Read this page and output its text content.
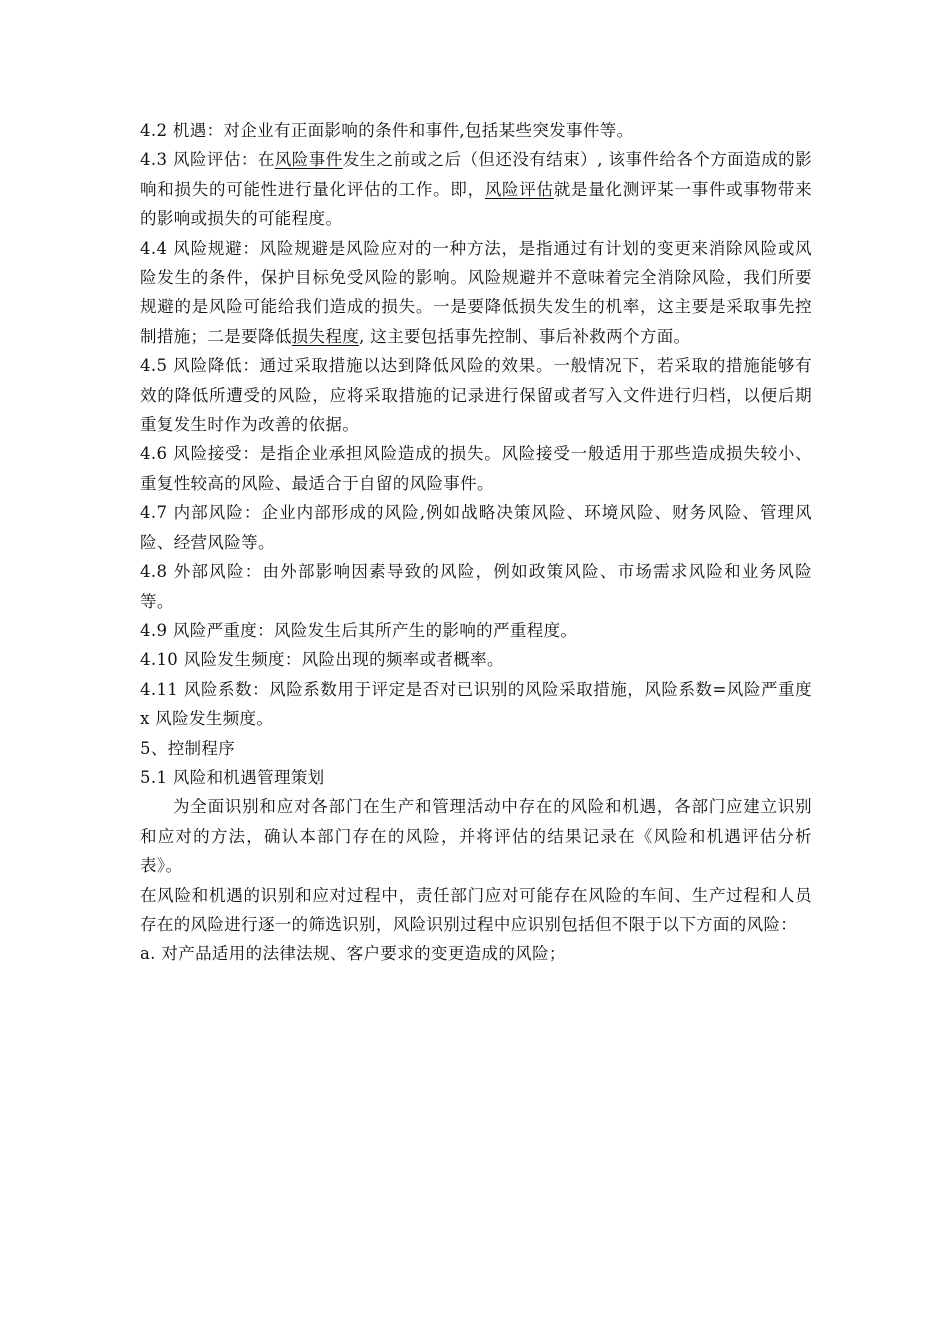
4.2 机遇：对企业有正面影响的条件和事件,包括某些突发事件等。

4.3 风险评估：在风险事件发生之前或之后（但还没有结束）, 该事件给各个方面造成的影响和损失的可能性进行量化评估的工作。即，风险评估就是量化测评某一事件或事物带来的影响或损失的可能程度。

4.4 风险规避：风险规避是风险应对的一种方法，是指通过有计划的变更来消除风险或风险发生的条件，保护目标免受风险的影响。风险规避并不意味着完全消除风险，我们所要规避的是风险可能给我们造成的损失。一是要降低损失发生的机率，这主要是采取事先控制措施；二是要降低损失程度, 这主要包括事先控制、事后补救两个方面。

4.5 风险降低：通过采取措施以达到降低风险的效果。一般情况下，若采取的措施能够有效的降低所遭受的风险，应将采取措施的记录进行保留或者写入文件进行归档，以便后期重复发生时作为改善的依据。

4.6 风险接受：是指企业承担风险造成的损失。风险接受一般适用于那些造成损失较小、重复性较高的风险、最适合于自留的风险事件。

4.7 内部风险：企业内部形成的风险,例如战略决策风险、环境风险、财务风险、管理风险、经营风险等。

4.8 外部风险：由外部影响因素导致的风险，例如政策风险、市场需求风险和业务风险等。

4.9 风险严重度：风险发生后其所产生的影响的严重程度。

4.10 风险发生频度：风险出现的频率或者概率。

4.11 风险系数：风险系数用于评定是否对已识别的风险采取措施，风险系数=风险严重度 x 风险发生频度。

5、控制程序

5.1 风险和机遇管理策划

为全面识别和应对各部门在生产和管理活动中存在的风险和机遇，各部门应建立识别和应对的方法，确认本部门存在的风险，并将评估的结果记录在《风险和机遇评估分析表》。

在风险和机遇的识别和应对过程中，责任部门应对可能存在风险的车间、生产过程和人员存在的风险进行逐一的筛选识别，风险识别过程中应识别包括但不限于以下方面的风险：

a. 对产品适用的法律法规、客户要求的变更造成的风险；
